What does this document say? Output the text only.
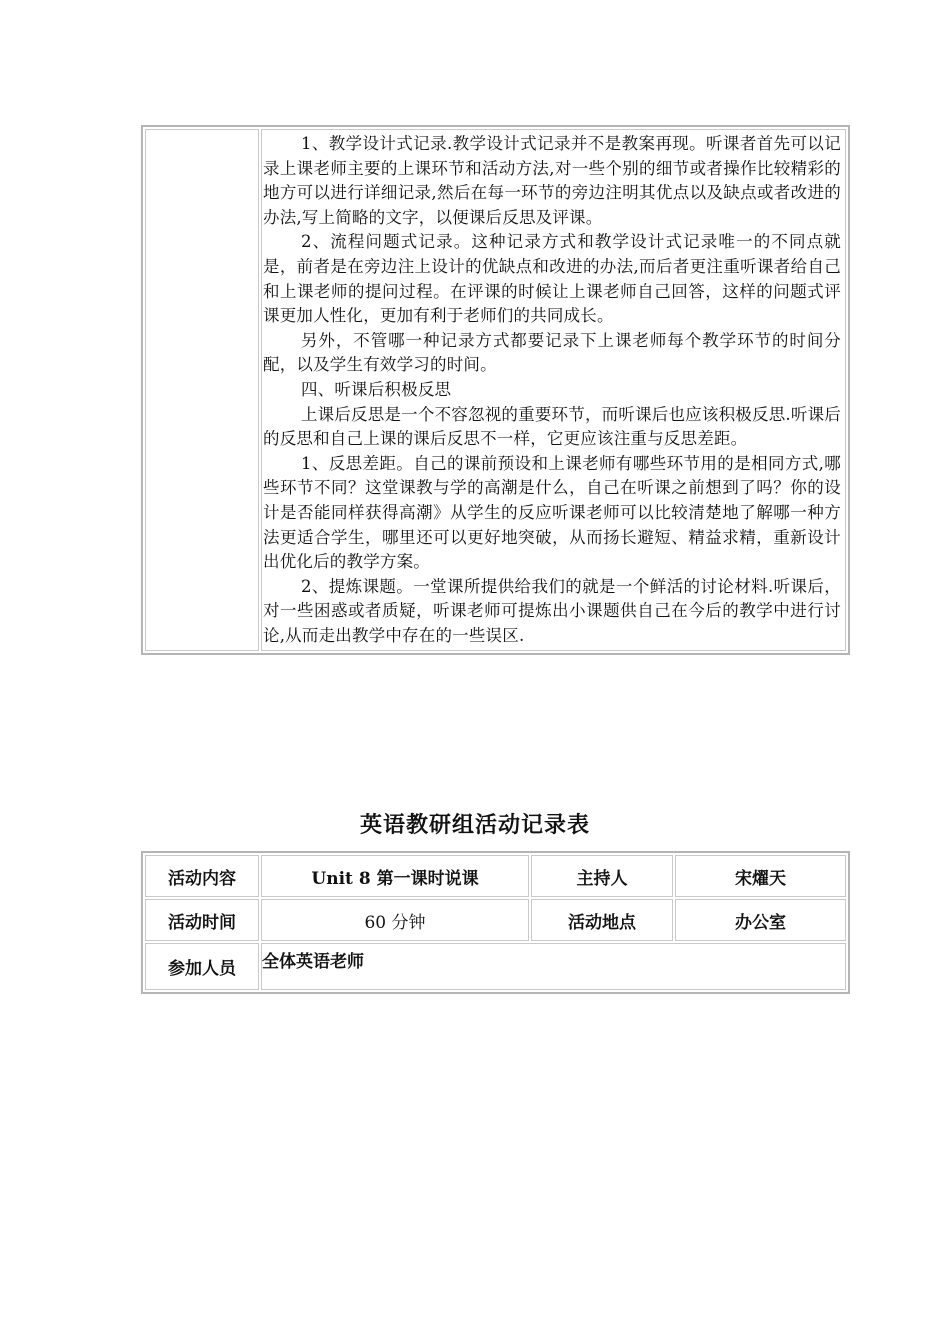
1、教学设计式记录.教学设计式记录并不是教案再现。听课者首先可以记录上课老师主要的上课环节和活动方法,对一些个别的细节或者操作比较精彩的地方可以进行详细记录,然后在每一环节的旁边注明其优点以及缺点或者改进的办法,写上简略的文字，以便课后反思及评课。

2、流程问题式记录。这种记录方式和教学设计式记录唯一的不同点就是，前者是在旁边注上设计的优缺点和改进的办法,而后者更注重听课者给自己和上课老师的提问过程。在评课的时候让上课老师自己回答，这样的问题式评课更加人性化，更加有利于老师们的共同成长。

另外，不管哪一种记录方式都要记录下上课老师每个教学环节的时间分配，以及学生有效学习的时间。

四、听课后积极反思

上课后反思是一个不容忽视的重要环节，而听课后也应该积极反思.听课后的反思和自己上课的课后反思不一样，它更应该注重与反思差距。

1、反思差距。自己的课前预设和上课老师有哪些环节用的是相同方式,哪些环节不同？这堂课教与学的高潮是什么，自己在听课之前想到了吗？你的设计是否能同样获得高潮》从学生的反应听课老师可以比较清楚地了解哪一种方法更适合学生，哪里还可以更好地突破，从而扬长避短、精益求精，重新设计出优化后的教学方案。

2、提炼课题。一堂课所提供给我们的就是一个鲜活的讨论材料.听课后，对一些困惑或者质疑，听课老师可提炼出小课题供自己在今后的教学中进行讨论,从而走出教学中存在的一些误区.

英语教研组活动记录表
活动内容	Unit 8 第一课时说课	主持人	宋燿天
活动时间	60 分钟	活动地点	办公室
参加人员	全体英语老师		
